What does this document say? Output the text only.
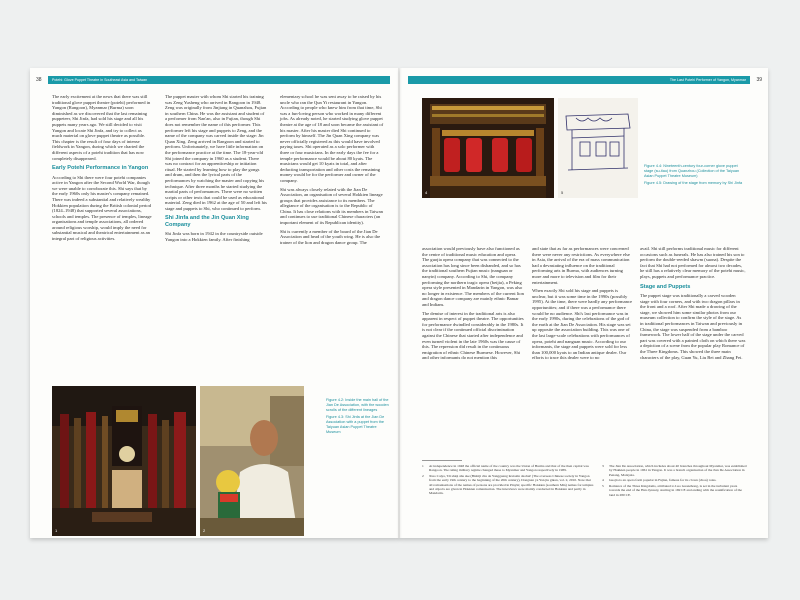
Potehi: Glove Puppet Theatre in Southeast Asia and Taiwan
38

The early excitement at the news that there was still traditional glove puppet theatre (potehi) performed in Yangon (Rangoon), Myanmar (Burma) soon diminished as we discovered that the last remaining puppeteer, Shi Jinfa, had sold his stage and all his puppets many years ago. We still decided to visit Yangon and locate Shi Jinfa, and try to collect as much material on glove puppet theatre as possible. This chapter is the result of four days of intense fieldwork in Yangon, during which we charted the different aspects of a potehi tradition that has now completely disappeared.

Early Potehi Performance in Yangon

According to Shi there were four potehi companies active in Yangon after the Second World War, though we were unable to corroborate this. Shi says that by the early 1960s only his master's company remained. There was indeed a substantial and relatively wealthy Hokkien population during the British colonial period (1824–1948) that supported several associations, schools and temples. The presence of temples, lineage organisations and temple associations, all ordered around religious worship, would imply the need for substantial musical and theatrical entertainment as an integral part of religious activities.

The puppet master with whom Shi started his training was Zeng Yusheng who arrived in Rangoon in 1948. Zeng was originally from Jinjiang in Quanzhou, Fujian in southern China. He was the assistant and student of a performer from Nan'an, also in Fujian, though Shi does not remember the name of this performer. This performer left his stage and puppets to Zeng, and the name of the company was carved inside the stage: Jin Quan Xing. Zeng arrived in Rangoon and started to perform. Unfortunately, we have little information on the performance practice at the time. The 18-year-old Shi joined the company in 1960 as a student. There was no contract for an apprenticeship or initiation ritual. He started by learning how to play the gongs and drum, and then the lyrical parts of the performances by watching the master and copying his technique. After three months he started studying the martial parts of performances. There were no written scripts or other texts that could be used as educational material. Zeng died in 1962 at the age of 50 and left his stage and puppets to Shi, who continued to perform.

Shi Jinfa and the Jin Quan Xing Company

Shi Jinfa was born in 1942 in the countryside outside Yangon into a Hokkien family. After finishing

elementary school he was sent away to be raised by his uncle who ran the Qun Yi restaurant in Yangon. According to people who knew him from that time, Shi was a fun-loving person who worked in many different jobs. As already noted, he started studying glove puppet theatre at the age of 18 and soon became the assistant of his master. After his master died Shi continued to perform by himself. The Jin Quan Xing company was never officially registered as this would have involved paying taxes. Shi operated as a solo performer with three or four musicians. In the early days the fee for a temple performance would be about 80 kyats. The musicians would get 10 kyats in total, and after deducting transportation and other costs the remaining money would be for the performer and owner of the company.

Shi was always closely related with the Jian De Association, an organisation of several Hokkien lineage groups that provides assistance to its members. The allegiance of the organisation is to the Republic of China. It has close relations with its members in Taiwan and continues to use traditional Chinese characters (an important element of its Republican identity).

Shi is currently a member of the board of the Jian De Association and head of the youth wing. He is also the trainer of the lion and dragon dance group. The

1	2

Figure 4.2: Inside the main hall of the Jian De Association, with the wooden scrolls of the different lineages

Figure 4.3: Shi Jinfa at the Jian De Association with a puppet from the Taiyuan Asian Puppet Theatre Museum

The Last Potehi Performer of Yangon, Myanmar	39
4	5

Figure 4.4: Nineteenth-century four-corner glove puppet stage (su-tiau) from Quanzhou (Collection of the Taiyuan Asian Puppet Theatre Museum)

Figure 4.5: Drawing of the stage from memory by Shi Jinfa

association would previously have also functioned as the centre of traditional music education and opera. The guojia opera company that was connected to the association has long since been disbanded, and so has the traditional southern Fujian music (nanguan or nanyin) company. According to Shi, the company performing the northern tragic opera (beijia), a Peking opera style presented in Mandarin in Yangon, was also no longer in existence. The members of the current lion and dragon dance company are mainly ethnic Bamar and Indians.

The demise of interest in the traditional arts is also apparent in respect of puppet theatre. The opportunities for performance dwindled considerably in the 1980s. It is not clear if the continued official discrimination against the Chinese that started after independence and even turned violent in the late 1960s was the cause of this. The repression did result in the continuous emigration of ethnic Chinese Burmese. However, Shi and other informants do not mention this

and state that as far as performances were concerned there were never any restrictions. As everywhere else in Asia, the arrival of the era of mass communication had a devastating influence on the traditional performing arts in Burma, with audiences turning more and more to television and film for their entertainment.

When exactly Shi sold his stage and puppets is unclear, but it was some time in the 1990s (possibly 1995). At the time, there were hardly any performance opportunities; and if there was a performance there would be no audience. Shi's last performance was in the early 1990s, during the celebrations of the god of the earth at the Jian De Association. His stage was set up opposite the association building. This was one of the last large-scale celebrations with performances of opera, potehi and nanguan music. According to our informants, the stage and puppets were sold for less than 100,000 kyats to an Indian antique dealer. Our efforts to trace this dealer were to no

avail. Shi still performs traditional music for different occasions such as funerals. He has also trained his son to perform the double-reeded shawm (suona). Despite the fact that Shi had not performed for almost two decades, he still has a relatively clear memory of the potehi music, plays, puppets and performance practice.

Stage and Puppets

The puppet stage was traditionally a carved wooden stage with four corners, and with two dragon pillars in the front and a roof. After Shi made a drawing of the stage, we showed him some similar photos from our museum collection to confirm the style of the stage. As in traditional performances in Taiwan and previously in China, the stage was suspended from a bamboo framework. The lower half of the stage under the carved part was covered with a painted cloth on which there was a depiction of a scene from the popular play Romance of the Three Kingdoms. This showed the three main characters of the play, Guan Yu, Liu Bei and Zhang Fei.

1	At independence in 1948 the official name of the country was the Union of Burma and that of the then capital was Rangoon. The ruling military regime changed these to Myanmar and Yangon respectively in 1989.
2	Xiao Caiya, 'Di shiqi shu ske (Bishiji chu de Yangguang luxiaxin daohui' (The overseas Chinese society in Yangon from the early 19th century to the beginning of the 20th century), Dongnan ya Yan jiu gikan, vol. 2, 2010. Note that all romanisations of the names of persons are provided in Pinyin; specific Hokkien (southern Min) names for temples and objects are given in Hokkien romanisation. The interviews were mainly conducted in Hokkien and partly in Mandarin.
3	The Jian De Association, which includes about 40 branches throughout Myanmar, was established by Hokkien people in 1961 in Yangon. It was a branch organisation of the Jian De Association in Penang, Malaysia.
4	Guojia is an opera form popular in Fujian, famous for its clown (chou) roles.
5	Romance of the Three Kingdoms, attributed to Luo Guanzhong, is set in the turbulent years towards the end of the Han dynasty, starting in 169 CE and ending with the reunification of the land in 280 CE.
